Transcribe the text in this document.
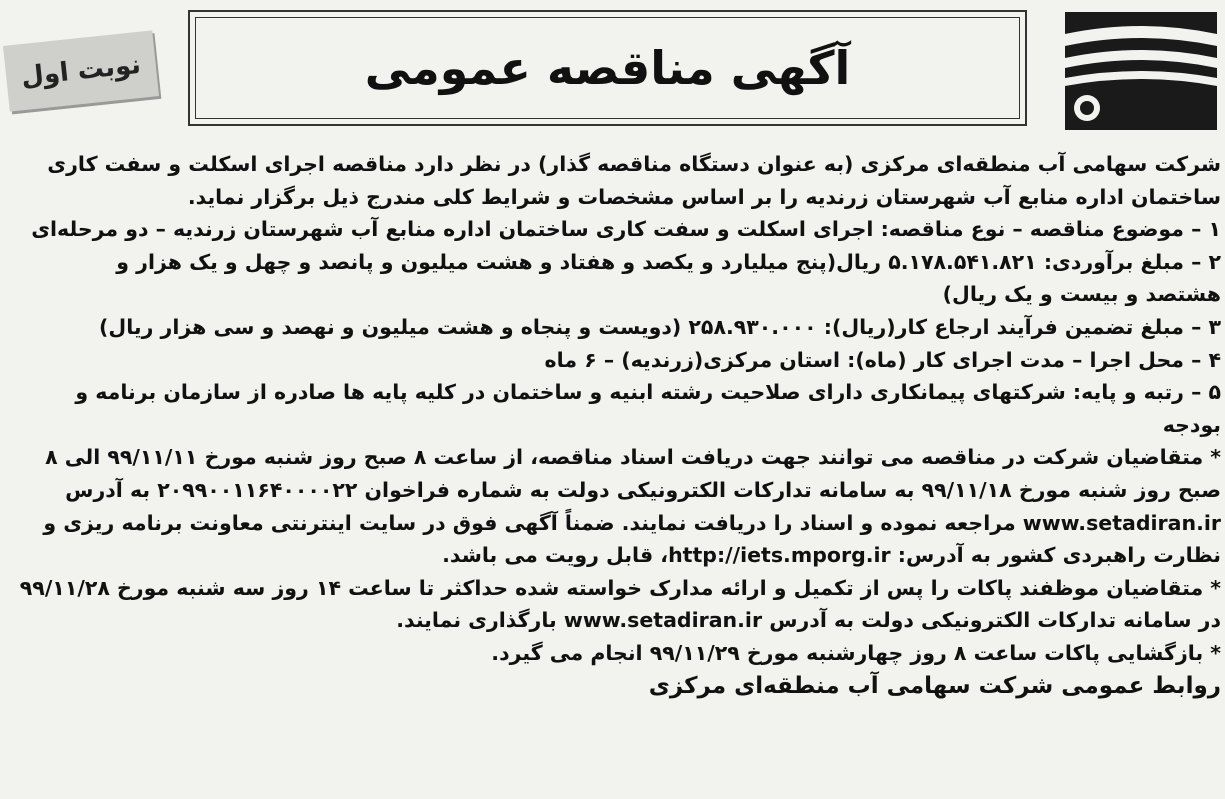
نوبت اول	آگهی مناقصه عمومی
شرکت سهامی آب منطقه‌ای مرکزی (به عنوان دستگاه مناقصه گذار) در نظر دارد مناقصه اجرای اسکلت و سفت کاری
ساختمان اداره منابع آب شهرستان زرندیه را بر اساس مشخصات و شرایط کلی مندرج ذیل برگزار نماید.
۱ – موضوع مناقصه – نوع مناقصه: اجرای اسکلت و سفت کاری ساختمان اداره منابع آب شهرستان زرندیه – دو مرحله‌ای
۲ – مبلغ برآوردی: ۵.۱۷۸.۵۴۱.۸۲۱ ریال(پنج میلیارد و یکصد و هفتاد و هشت میلیون و پانصد و چهل و یک هزار و
هشتصد و بیست و یک ریال)
۳ – مبلغ تضمین فرآیند ارجاع کار(ریال): ۲۵۸.۹۳۰.۰۰۰ (دویست و پنجاه و هشت میلیون و نهصد و سی هزار ریال)
۴ – محل اجرا – مدت اجرای کار (ماه): استان مرکزی(زرندیه) – ۶ ماه
۵ – رتبه و پایه: شرکتهای پیمانکاری دارای صلاحیت رشته ابنیه و ساختمان در کلیه پایه ها صادره از سازمان برنامه و
بودجه
* متقاضیان شرکت در مناقصه می توانند جهت دریافت اسناد مناقصه، از ساعت ۸ صبح روز شنبه مورخ ۹۹/۱۱/۱۱ الی ۸
صبح روز شنبه مورخ ۹۹/۱۱/۱۸ به سامانه تدارکات الکترونیکی دولت به شماره فراخوان ۲۰۹۹۰۰۱۱۶۴۰۰۰۰۲۲ به آدرس
www.setadiran.ir مراجعه نموده و اسناد را دریافت نمایند. ضمناً آگهی فوق در سایت اینترنتی معاونت برنامه ریزی و
نظارت راهبردی کشور به آدرس: http://iets.mporg.ir، قابل رویت می باشد.
* متقاضیان موظفند پاکات را پس از تکمیل و ارائه مدارک خواسته شده حداکثر تا ساعت ۱۴ روز سه شنبه مورخ ۹۹/۱۱/۲۸
در سامانه تدارکات الکترونیکی دولت به آدرس www.setadiran.ir بارگذاری نمایند.
* بازگشایی پاکات ساعت ۸ روز چهارشنبه مورخ ۹۹/۱۱/۲۹ انجام می گیرد.
روابط عمومی شرکت سهامی آب منطقه‌ای مرکزی
